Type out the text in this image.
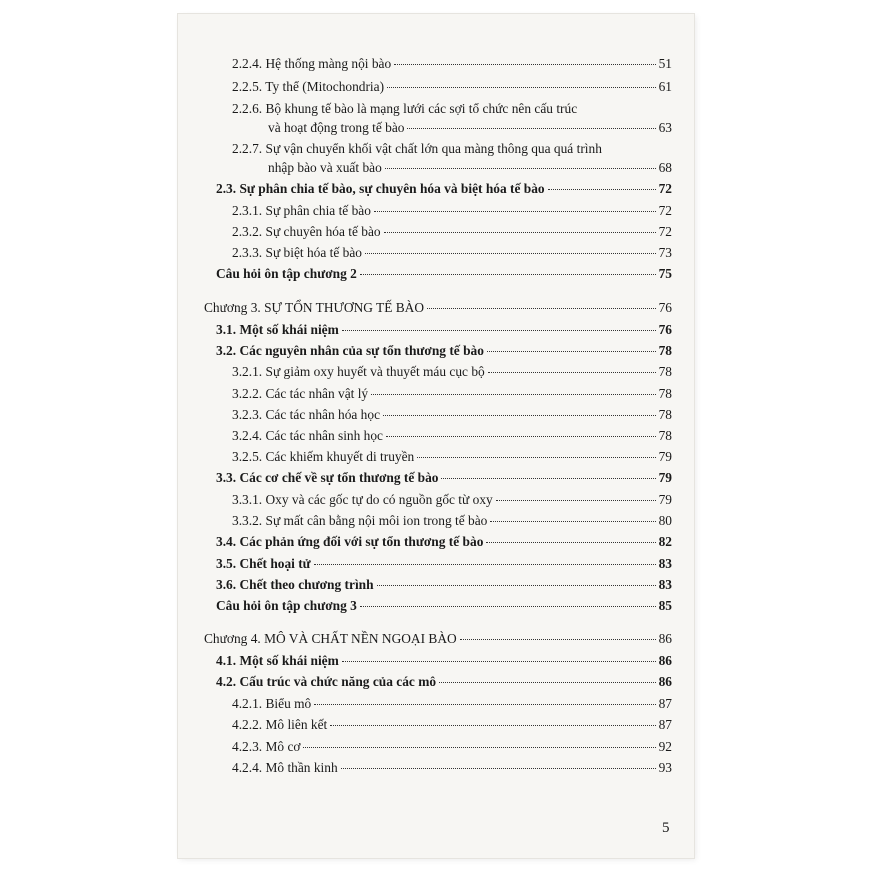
2.2.4. Hệ thống màng nội bào	51
2.2.5. Ty thể (Mitochondria)	61
2.2.6. Bộ khung tế bào là mạng lưới các sợi tổ chức nên cấu trúc
và hoạt động trong tế bào	63
2.2.7. Sự vận chuyển khối vật chất lớn qua màng thông qua quá trình
nhập bào và xuất bào	68
2.3. Sự phân chia tế bào, sự chuyên hóa và biệt hóa tế bào	72
2.3.1. Sự phân chia tế bào	72
2.3.2. Sự chuyên hóa tế bào	72
2.3.3. Sự biệt hóa tế bào	73
Câu hỏi ôn tập chương 2	75
Chương 3. SỰ TỔN THƯƠNG TẾ BÀO	76
3.1. Một số khái niệm	76
3.2. Các nguyên nhân của sự tổn thương tế bào	78
3.2.1. Sự giảm oxy huyết và thuyết máu cục bộ	78
3.2.2. Các tác nhân vật lý	78
3.2.3. Các tác nhân hóa học	78
3.2.4. Các tác nhân sinh học	78
3.2.5. Các khiếm khuyết di truyền	79
3.3. Các cơ chế về sự tổn thương tế bào	79
3.3.1. Oxy và các gốc tự do có nguồn gốc từ oxy	79
3.3.2. Sự mất cân bằng nội môi ion trong tế bào	80
3.4. Các phản ứng đối với sự tổn thương tế bào	82
3.5. Chết hoại tử	83
3.6. Chết theo chương trình	83
Câu hỏi ôn tập chương 3	85
Chương 4. MÔ VÀ CHẤT NỀN NGOẠI BÀO	86
4.1. Một số khái niệm	86
4.2. Cấu trúc và chức năng của các mô	86
4.2.1. Biểu mô	87
4.2.2. Mô liên kết	87
4.2.3. Mô cơ	92
4.2.4. Mô thần kinh	93
5
